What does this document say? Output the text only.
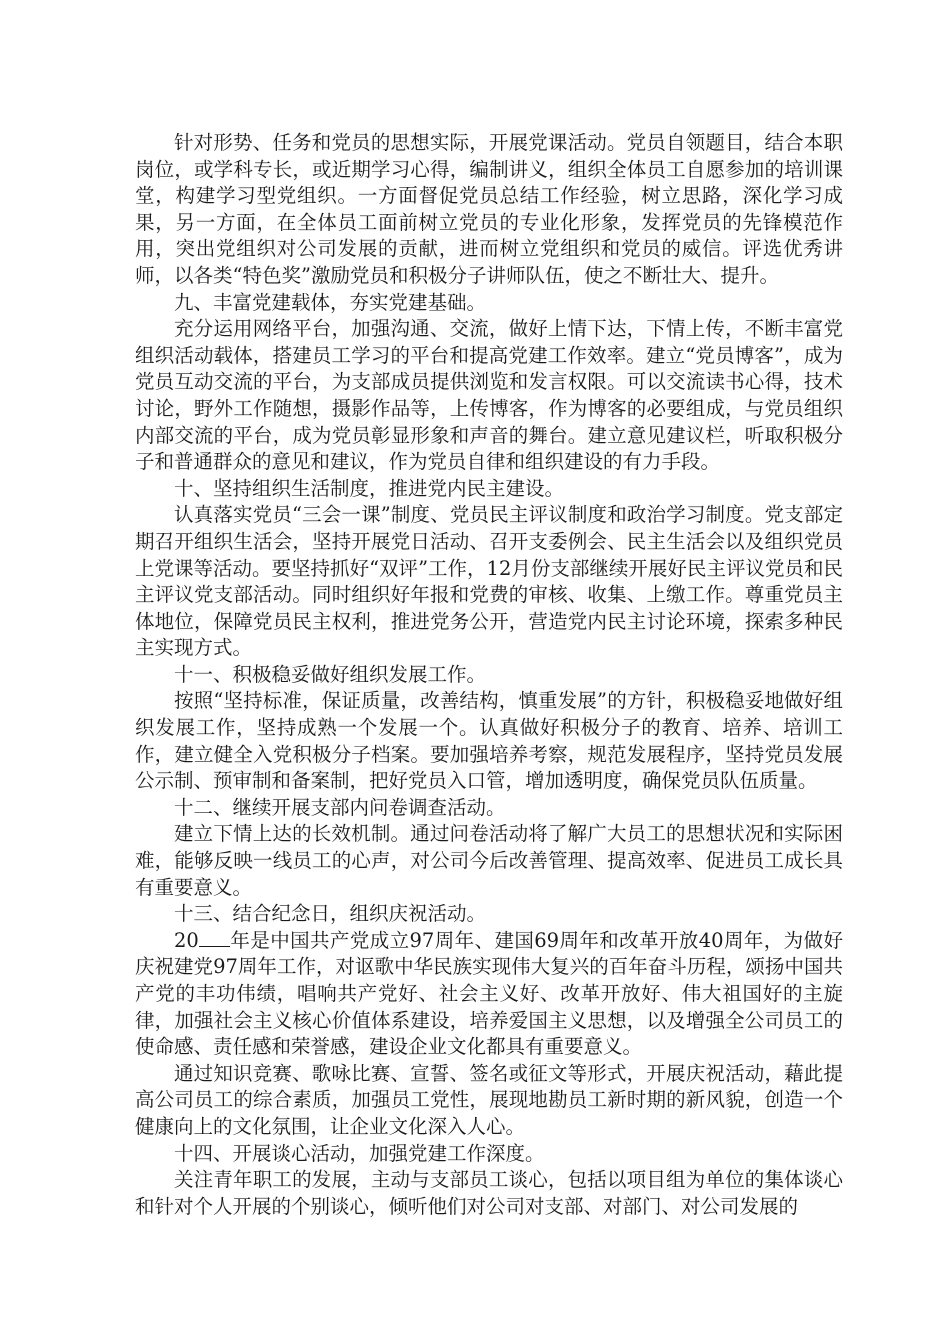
针对形势、任务和党员的思想实际，开展党课活动。党员自领题目，结合本职岗位，或学科专长，或近期学习心得，编制讲义，组织全体员工自愿参加的培训课堂，构建学习型党组织。一方面督促党员总结工作经验，树立思路，深化学习成果，另一方面，在全体员工面前树立党员的专业化形象，发挥党员的先锋模范作用，突出党组织对公司发展的贡献，进而树立党组织和党员的威信。评选优秀讲师，以各类“特色奖”激励党员和积极分子讲师队伍，使之不断壮大、提升。

九、丰富党建载体，夯实党建基础。

充分运用网络平台，加强沟通、交流，做好上情下达，下情上传，不断丰富党组织活动载体，搭建员工学习的平台和提高党建工作效率。建立“党员博客”，成为党员互动交流的平台，为支部成员提供浏览和发言权限。可以交流读书心得，技术讨论，野外工作随想，摄影作品等，上传博客，作为博客的必要组成，与党员组织内部交流的平台，成为党员彰显形象和声音的舞台。建立意见建议栏，听取积极分子和普通群众的意见和建议，作为党员自律和组织建设的有力手段。

十、坚持组织生活制度，推进党内民主建设。

认真落实党员“三会一课”制度、党员民主评议制度和政治学习制度。党支部定期召开组织生活会，坚持开展党日活动、召开支委例会、民主生活会以及组织党员上党课等活动。要坚持抓好“双评”工作，12月份支部继续开展好民主评议党员和民主评议党支部活动。同时组织好年报和党费的审核、收集、上缴工作。尊重党员主体地位，保障党员民主权利，推进党务公开，营造党内民主讨论环境，探索多种民主实现方式。

十一、积极稳妥做好组织发展工作。

按照“坚持标准，保证质量，改善结构，慎重发展”的方针，积极稳妥地做好组织发展工作，坚持成熟一个发展一个。认真做好积极分子的教育、培养、培训工作，建立健全入党积极分子档案。要加强培养考察，规范发展程序，坚持党员发展公示制、预审制和备案制，把好党员入口管，增加透明度，确保党员队伍质量。

十二、继续开展支部内问卷调查活动。

建立下情上达的长效机制。通过问卷活动将了解广大员工的思想状况和实际困难，能够反映一线员工的心声，对公司今后改善管理、提高效率、促进员工成长具有重要意义。

十三、结合纪念日，组织庆祝活动。

20 年是中国共产党成立97周年、建国69周年和改革开放40周年，为做好庆祝建党97周年工作，对讴歌中华民族实现伟大复兴的百年奋斗历程，颂扬中国共产党的丰功伟绩，唱响共产党好、社会主义好、改革开放好、伟大祖国好的主旋律，加强社会主义核心价值体系建设，培养爱国主义思想，以及增强全公司员工的使命感、责任感和荣誉感，建设企业文化都具有重要意义。

通过知识竞赛、歌咏比赛、宣誓、签名或征文等形式，开展庆祝活动，藉此提高公司员工的综合素质，加强员工党性，展现地勘员工新时期的新风貌，创造一个健康向上的文化氛围，让企业文化深入人心。

十四、开展谈心活动，加强党建工作深度。

关注青年职工的发展，主动与支部员工谈心，包括以项目组为单位的集体谈心和针对个人开展的个别谈心，倾听他们对公司对支部、对部门、对公司发展的
